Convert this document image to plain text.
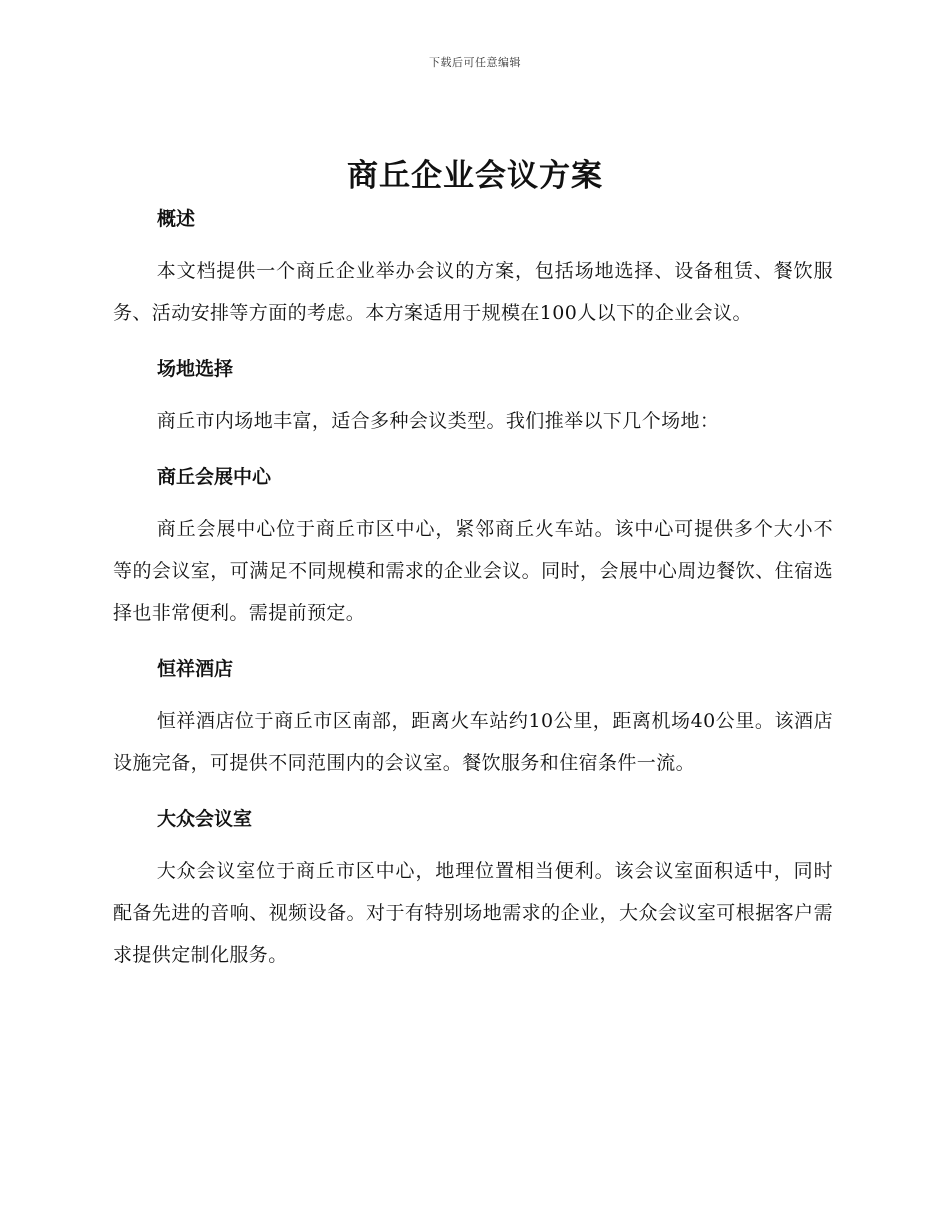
下载后可任意编辑
商丘企业会议方案
概述

本文档提供一个商丘企业举办会议的方案，包括场地选择、设备租赁、餐饮服务、活动安排等方面的考虑。本方案适用于规模在100人以下的企业会议。

场地选择

商丘市内场地丰富，适合多种会议类型。我们推举以下几个场地：

商丘会展中心

商丘会展中心位于商丘市区中心，紧邻商丘火车站。该中心可提供多个大小不等的会议室，可满足不同规模和需求的企业会议。同时，会展中心周边餐饮、住宿选择也非常便利。需提前预定。

恒祥酒店

恒祥酒店位于商丘市区南部，距离火车站约10公里，距离机场40公里。该酒店设施完备，可提供不同范围内的会议室。餐饮服务和住宿条件一流。

大众会议室

大众会议室位于商丘市区中心，地理位置相当便利。该会议室面积适中，同时配备先进的音响、视频设备。对于有特别场地需求的企业，大众会议室可根据客户需求提供定制化服务。
